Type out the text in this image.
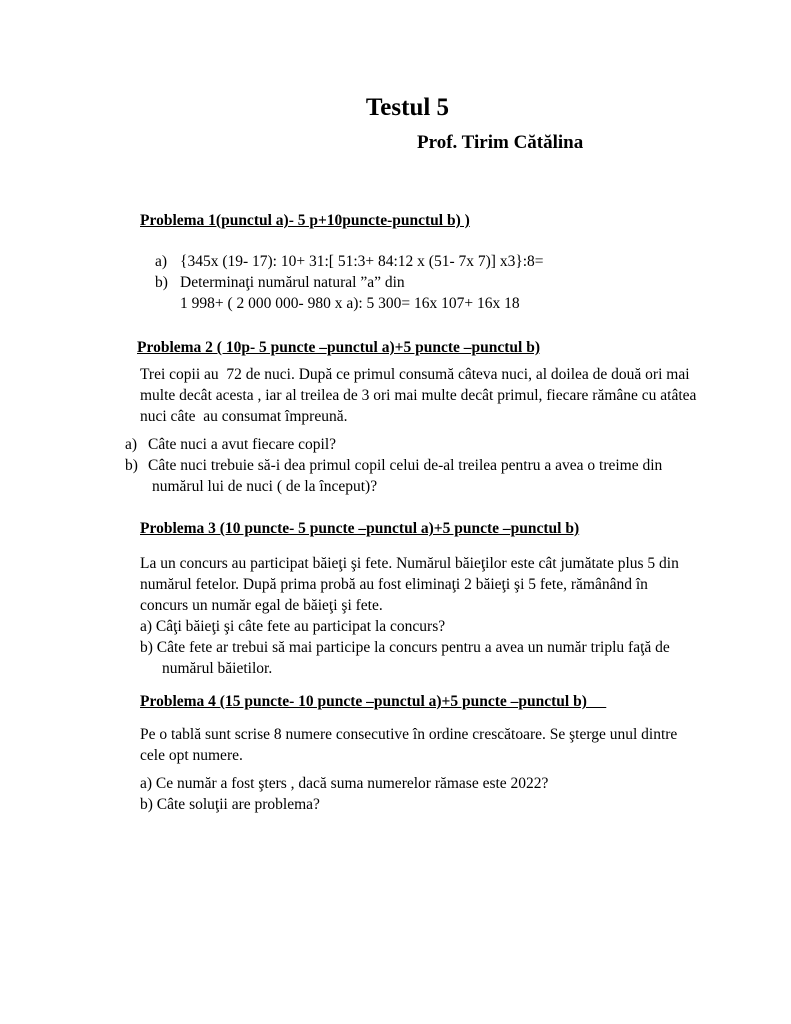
Testul 5
Prof. Tirim Cătălina
Problema 1(punctul a)- 5 p+10puncte-punctul b) )
a) {345x (19- 17): 10+ 31:[ 51:3+ 84:12 x (51- 7x 7)] x3}:8=
b) Determinaţi numărul natural ”a” din
1 998+ ( 2 000 000- 980 x a): 5 300= 16x 107+ 16x 18
Problema 2 ( 10p- 5 puncte –punctul a)+5 puncte –punctul b)
Trei copii au  72 de nuci. După ce primul consumă câteva nuci, al doilea de două ori mai
multe decât acesta , iar al treilea de 3 ori mai multe decât primul, fiecare rămâne cu atâtea
nuci câte  au consumat împreună.
a) Câte nuci a avut fiecare copil?
b) Câte nuci trebuie să-i dea primul copil celui de-al treilea pentru a avea o treime din
numărul lui de nuci ( de la început)?
Problema 3 (10 puncte- 5 puncte –punctul a)+5 puncte –punctul b)
La un concurs au participat băieţi şi fete. Numărul băieţilor este cât jumătate plus 5 din
numărul fetelor. După prima probă au fost eliminaţi 2 băieţi şi 5 fete, rămânând în
concurs un număr egal de băieţi şi fete.
a) Câţi băieţi şi câte fete au participat la concurs?
b) Câte fete ar trebui să mai participe la concurs pentru a avea un număr triplu faţă de
numărul băietilor.
Problema 4 (15 puncte- 10 puncte –punctul a)+5 puncte –punctul b)
Pe o tablă sunt scrise 8 numere consecutive în ordine crescătoare. Se şterge unul dintre
cele opt numere.
a) Ce număr a fost şters , dacă suma numerelor rămase este 2022?
b) Câte soluţii are problema?
